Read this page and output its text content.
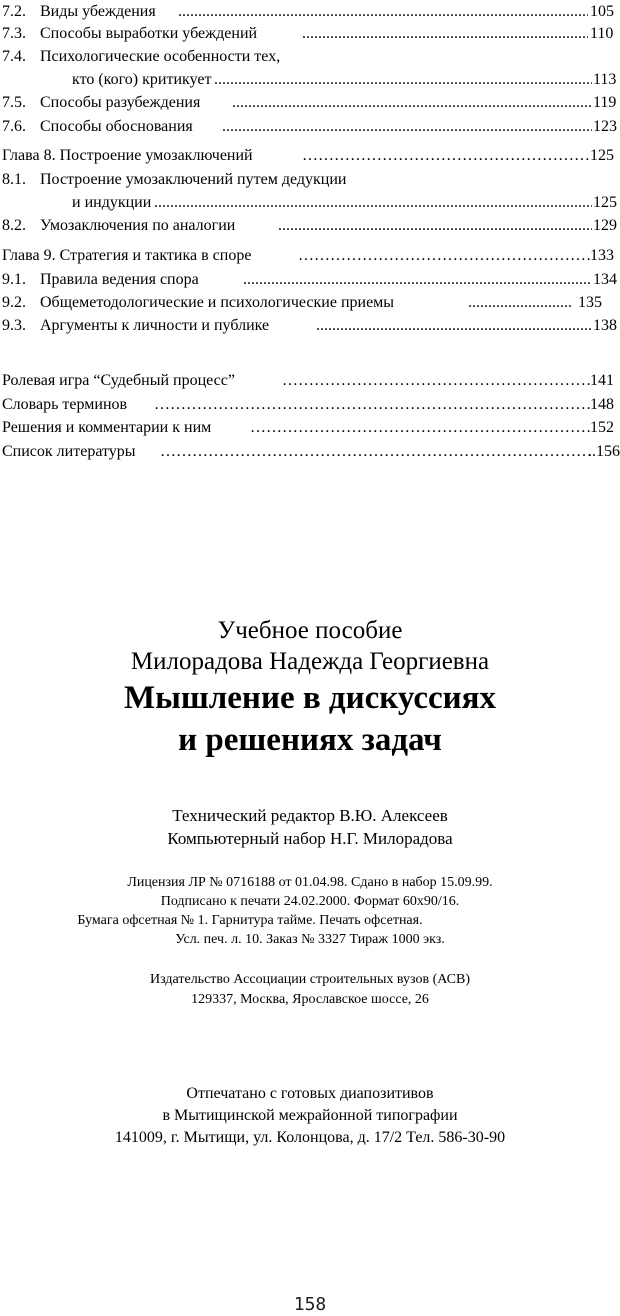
7.2. Виды убеждения .....	105
7.3. Способы выработки убеждений .....	110
7.4. Психологические особенности тех,
кто (кого) критикует .....	113
7.5. Способы разубеждения .....	119
7.6. Способы обоснования .....	123
Глава 8. Построение умозаключений …………………………………………………………………………………………………………………………………………………………………	125
8.1. Построение умозаключений путем дедукции
и индукции .....	125
8.2. Умозаключения по аналогии .....	129
Глава 9. Стратегия и тактика в споре …………………………………………………………………………………………………………………………………………………………………	133
9.1. Правила ведения спора .....	134
9.2. Общеметодологические и психологические приемы .....	135
9.3. Аргументы к личности и публике .....	138
Ролевая игра “Судебный процесс” …………………………………………………………………………………………………………………………………………………………………	141
Словарь терминов …………………………………………………………………………………………………………………………………………………………………	148
Решения и комментарии к ним …………………………………………………………………………………………………………………………………………………………………	152
Список литературы …………………………………………………………………………………………………………………………………………………………………	..156
Учебное пособие
Милорадова Надежда Георгиевна
Мышление в дискуссиях
и решениях задач
Технический редактор В.Ю. Алексеев
Компьютерный набор Н.Г. Милорадова
Лицензия ЛР № 0716188 от 01.04.98. Сдано в набор 15.09.99.
Подписано к печати 24.02.2000. Формат 60x90/16.
Бумага офсетная № 1. Гарнитура тайме. Печать офсетная.
Усл. печ. л. 10. Заказ № 3327 Тираж 1000 экз.
Издательство Ассоциации строительных вузов (АСВ)
129337, Москва, Ярославское шоссе, 26
Отпечатано с готовых диапозитивов
в Мытищинской межрайонной типографии
141009, г. Мытищи, ул. Колонцова, д. 17/2 Тел. 586-30-90
158
